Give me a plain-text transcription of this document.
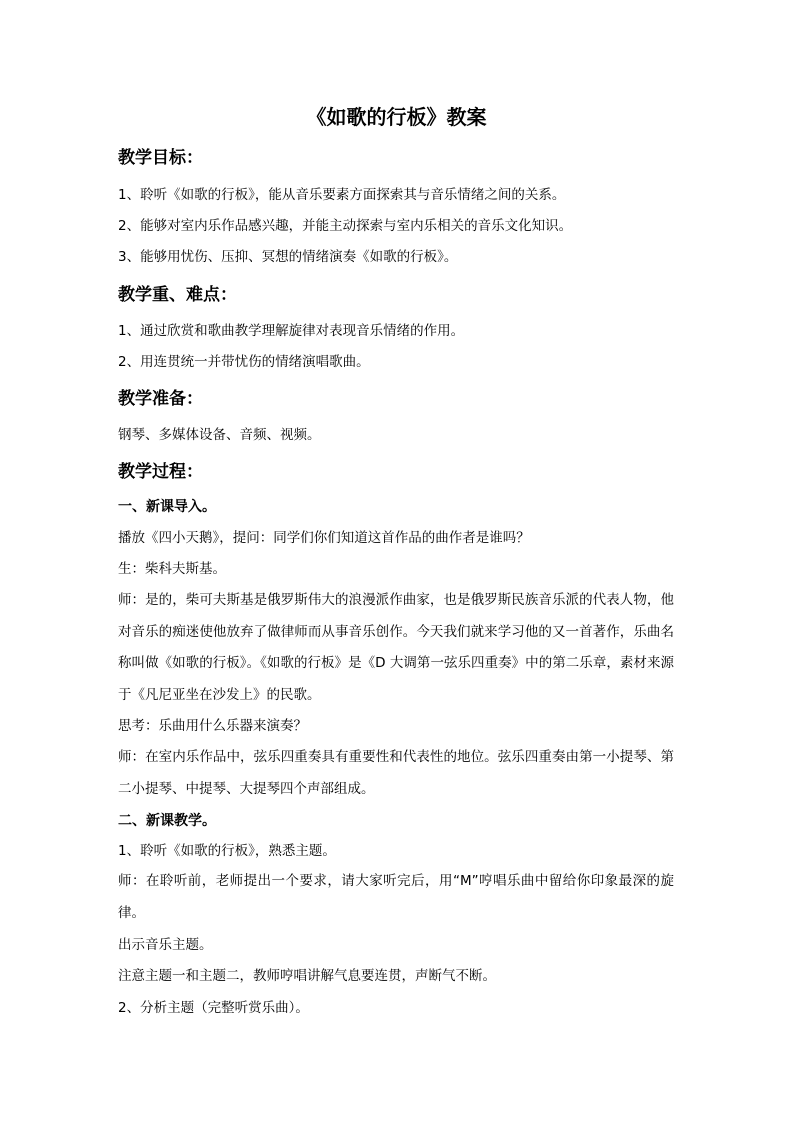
《如歌的行板》教案
教学目标：
1、聆听《如歌的行板》，能从音乐要素方面探索其与音乐情绪之间的关系。
2、能够对室内乐作品感兴趣，并能主动探索与室内乐相关的音乐文化知识。
3、能够用忧伤、压抑、冥想的情绪演奏《如歌的行板》。
教学重、难点：
1、通过欣赏和歌曲教学理解旋律对表现音乐情绪的作用。
2、用连贯统一并带忧伤的情绪演唱歌曲。
教学准备：
钢琴、多媒体设备、音频、视频。
教学过程：
一、新课导入。
播放《四小天鹅》，提问：同学们你们知道这首作品的曲作者是谁吗？
生：柴科夫斯基。
师：是的，柴可夫斯基是俄罗斯伟大的浪漫派作曲家，也是俄罗斯民族音乐派的代表人物，他对音乐的痴迷使他放弃了做律师而从事音乐创作。今天我们就来学习他的又一首著作，乐曲名称叫做《如歌的行板》。《如歌的行板》是《D 大调第一弦乐四重奏》中的第二乐章，素材来源于《凡尼亚坐在沙发上》的民歌。
思考：乐曲用什么乐器来演奏？
师：在室内乐作品中，弦乐四重奏具有重要性和代表性的地位。弦乐四重奏由第一小提琴、第二小提琴、中提琴、大提琴四个声部组成。
二、新课教学。
1、聆听《如歌的行板》，熟悉主题。
师：在聆听前，老师提出一个要求，请大家听完后，用“M”哼唱乐曲中留给你印象最深的旋律。
出示音乐主题。
注意主题一和主题二，教师哼唱讲解气息要连贯，声断气不断。
2、分析主题（完整听赏乐曲）。
